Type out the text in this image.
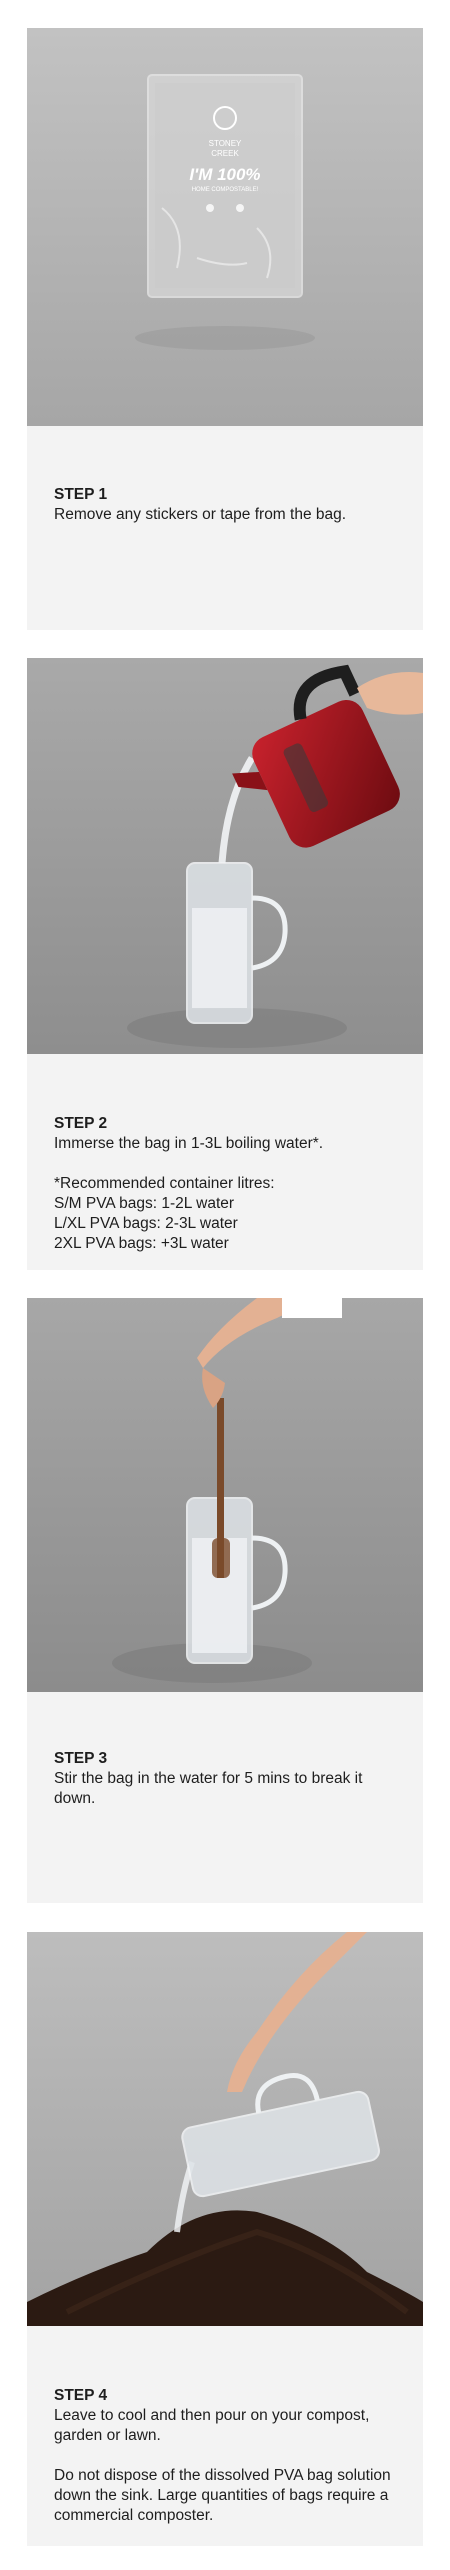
STONEY
CREEK
I'M 100%
HOME COMPOSTABLE!
STEP 1

Remove any stickers or tape from the bag.

STEP 2

Immerse the bag in 1-3L boiling water*.

*Recommended container litres:

S/M PVA bags: 1-2L water

L/XL PVA bags: 2-3L water

2XL PVA bags: +3L water

STEP 3

Stir the bag in the water for 5 mins to break it down.

STEP 4

Leave to cool and then pour on your compost, garden or lawn.

Do not dispose of the dissolved PVA bag solution down the sink. Large quantities of bags require a commercial composter.
